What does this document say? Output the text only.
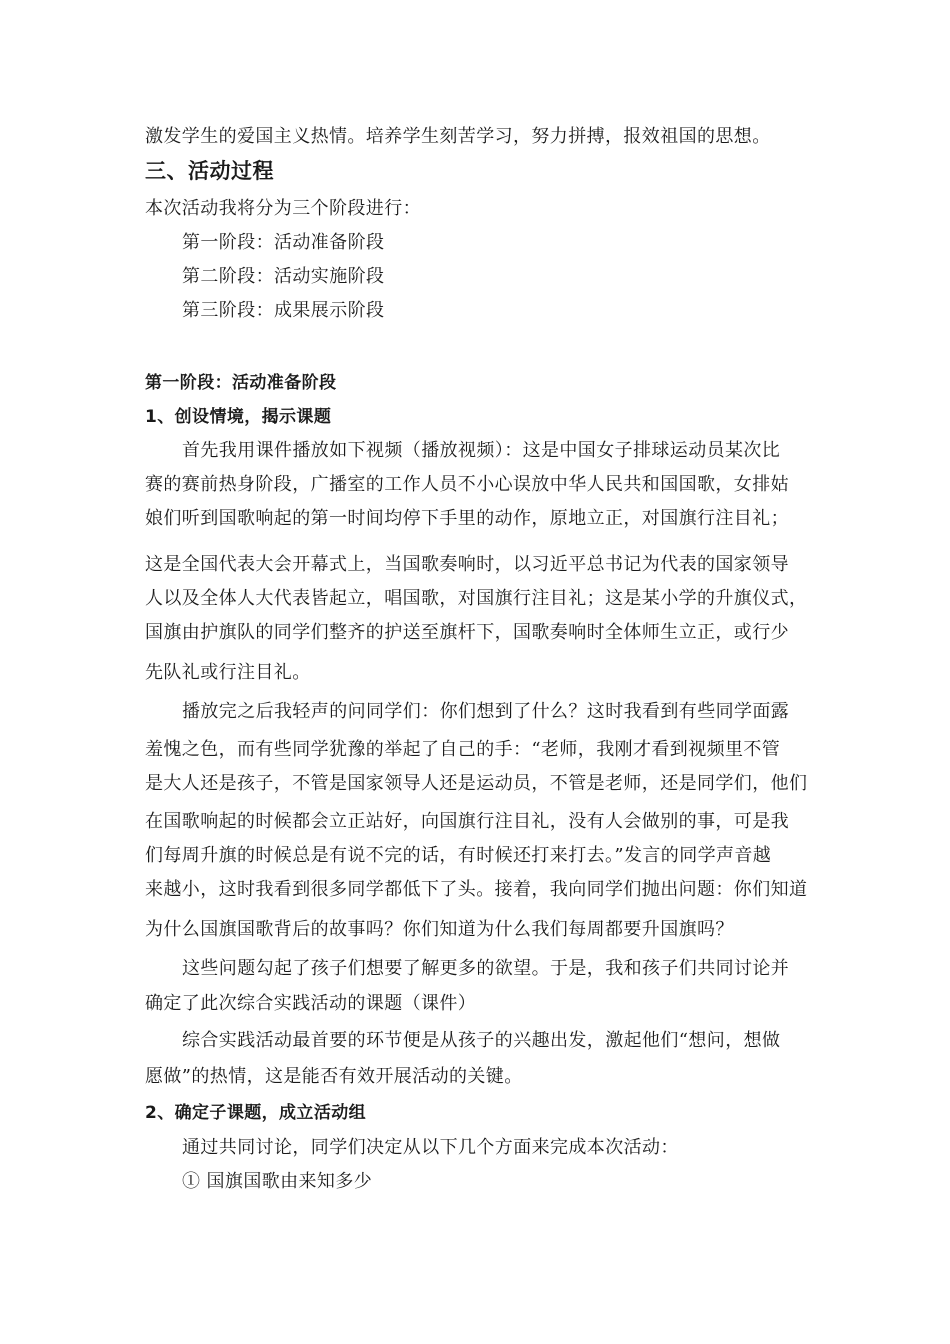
激发学生的爱国主义热情。培养学生刻苦学习，努力拼搏，报效祖国的思想。
三、活动过程
本次活动我将分为三个阶段进行：
第一阶段：活动准备阶段
第二阶段：活动实施阶段
第三阶段：成果展示阶段
第一阶段：活动准备阶段
1、创设情境，揭示课题
首先我用课件播放如下视频（播放视频）：这是中国女子排球运动员某次比
赛的赛前热身阶段，广播室的工作人员不小心误放中华人民共和国国歌，女排姑
娘们听到国歌响起的第一时间均停下手里的动作，原地立正，对国旗行注目礼；
这是全国代表大会开幕式上，当国歌奏响时，以习近平总书记为代表的国家领导
人以及全体人大代表皆起立，唱国歌，对国旗行注目礼；这是某小学的升旗仪式，
国旗由护旗队的同学们整齐的护送至旗杆下，国歌奏响时全体师生立正，或行少
先队礼或行注目礼。
播放完之后我轻声的问同学们：你们想到了什么？这时我看到有些同学面露
羞愧之色，而有些同学犹豫的举起了自己的手：“老师，我刚才看到视频里不管
是大人还是孩子，不管是国家领导人还是运动员，不管是老师，还是同学们，他们
在国歌响起的时候都会立正站好，向国旗行注目礼，没有人会做别的事，可是我
们每周升旗的时候总是有说不完的话，有时候还打来打去。”发言的同学声音越
来越小，这时我看到很多同学都低下了头。接着，我向同学们抛出问题：你们知道
为什么国旗国歌背后的故事吗？你们知道为什么我们每周都要升国旗吗？
这些问题勾起了孩子们想要了解更多的欲望。于是，我和孩子们共同讨论并
确定了此次综合实践活动的课题（课件）
综合实践活动最首要的环节便是从孩子的兴趣出发，激起他们“想问，想做
愿做”的热情，这是能否有效开展活动的关键。
2、确定子课题，成立活动组
通过共同讨论，同学们决定从以下几个方面来完成本次活动：
① 国旗国歌由来知多少
